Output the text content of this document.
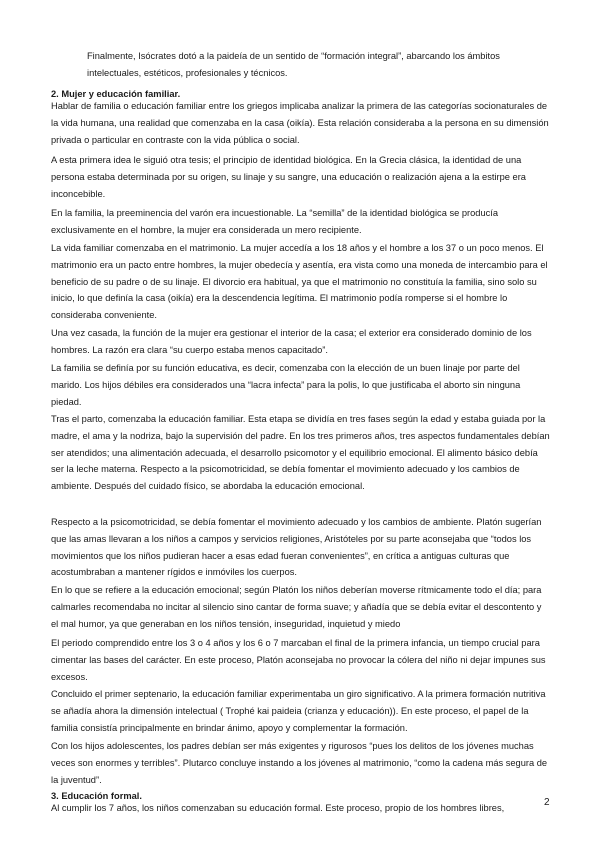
Finalmente, Isócrates dotó a la paideía de un sentido de “formación integral”, abarcando los ámbitos intelectuales, estéticos, profesionales y técnicos.

2. Mujer y educación familiar.

Hablar de familia o educación familiar entre los griegos implicaba analizar la primera de las categorías socionaturales de la vida humana, una realidad que comenzaba en la casa (oikía). Esta relación consideraba a la persona en su dimensión privada o particular en contraste con la vida pública o social.

A esta primera idea le siguió otra tesis; el principio de identidad biológica. En la Grecia clásica, la identidad de una persona estaba determinada por su origen, su linaje y su sangre, una educación o realización ajena a la estirpe era inconcebible.

En la familia, la preeminencia del varón era incuestionable. La “semilla” de la identidad biológica se producía exclusivamente en el hombre, la mujer era considerada un mero recipiente.

La vida familiar comenzaba en el matrimonio. La mujer accedía a los 18 años y el hombre a los 37 o un poco menos. El matrimonio era un pacto entre hombres, la mujer obedecía y asentía, era vista como una moneda de intercambio para el beneficio de su padre o de su linaje. El divorcio era habitual, ya que el matrimonio no constituía la familia, sino solo su inicio, lo que definía la casa (oikía) era la descendencia legítima. El matrimonio podía romperse si el hombre lo consideraba conveniente.

Una vez casada, la función de la mujer era gestionar el interior de la casa; el exterior era considerado dominio de los hombres. La razón era clara “su cuerpo estaba menos capacitado”.

La familia se definía por su función educativa, es decir, comenzaba con la elección de un buen linaje por parte del marido. Los hijos débiles era considerados una “lacra infecta” para la polis, lo que justificaba el aborto sin ninguna piedad.

Tras el parto, comenzaba la educación familiar. Esta etapa se dividía en tres fases según la edad y estaba guiada por la madre, el ama y la nodriza, bajo la supervisión del padre. En los tres primeros años, tres aspectos fundamentales debían ser atendidos; una alimentación adecuada, el desarrollo psicomotor y el equilibrio emocional. El alimento básico debía ser la leche materna. Respecto a la psicomotricidad, se debía fomentar el movimiento adecuado y los cambios de ambiente. Después del cuidado físico, se abordaba la educación emocional.

Respecto a la psicomotricidad, se debía fomentar el movimiento adecuado y los cambios de ambiente. Platón sugerían que las amas llevaran a los niños a campos y servicios religiones, Aristóteles por su parte aconsejaba que “todos los movimientos que los niños pudieran hacer a esas edad fueran convenientes”, en crítica a antiguas culturas que acostumbraban a mantener rígidos e inmóviles los cuerpos.

En lo que se refiere a la educación emocional; según Platón los niños deberían moverse rítmicamente todo el día; para calmarles recomendaba no incitar al silencio sino cantar de forma suave; y añadía que se debía evitar el descontento y el mal humor, ya que generaban en los niños tensión, inseguridad, inquietud y miedo

El periodo comprendido entre los 3 o 4 años y los 6 o 7 marcaban el final de la primera infancia, un tiempo crucial para cimentar las bases del carácter. En este proceso, Platón aconsejaba no provocar la cólera del niño ni dejar impunes sus excesos.

Concluido el primer septenario, la educación familiar experimentaba un giro significativo. A la primera formación nutritiva se añadía ahora la dimensión intelectual ( Trophé kai paideia (crianza y educación)). En este proceso, el papel de la familia consistía principalmente en brindar ánimo, apoyo y complementar la formación.

Con los hijos adolescentes, los padres debían ser más exigentes y rigurosos “pues los delitos de los jóvenes muchas veces son enormes y terribles”. Plutarco concluye instando a los jóvenes al matrimonio, “como la cadena más segura de la juventud”.

3. Educación formal.

Al cumplir los 7 años, los niños comenzaban su educación formal. Este proceso, propio de los hombres libres,	2
